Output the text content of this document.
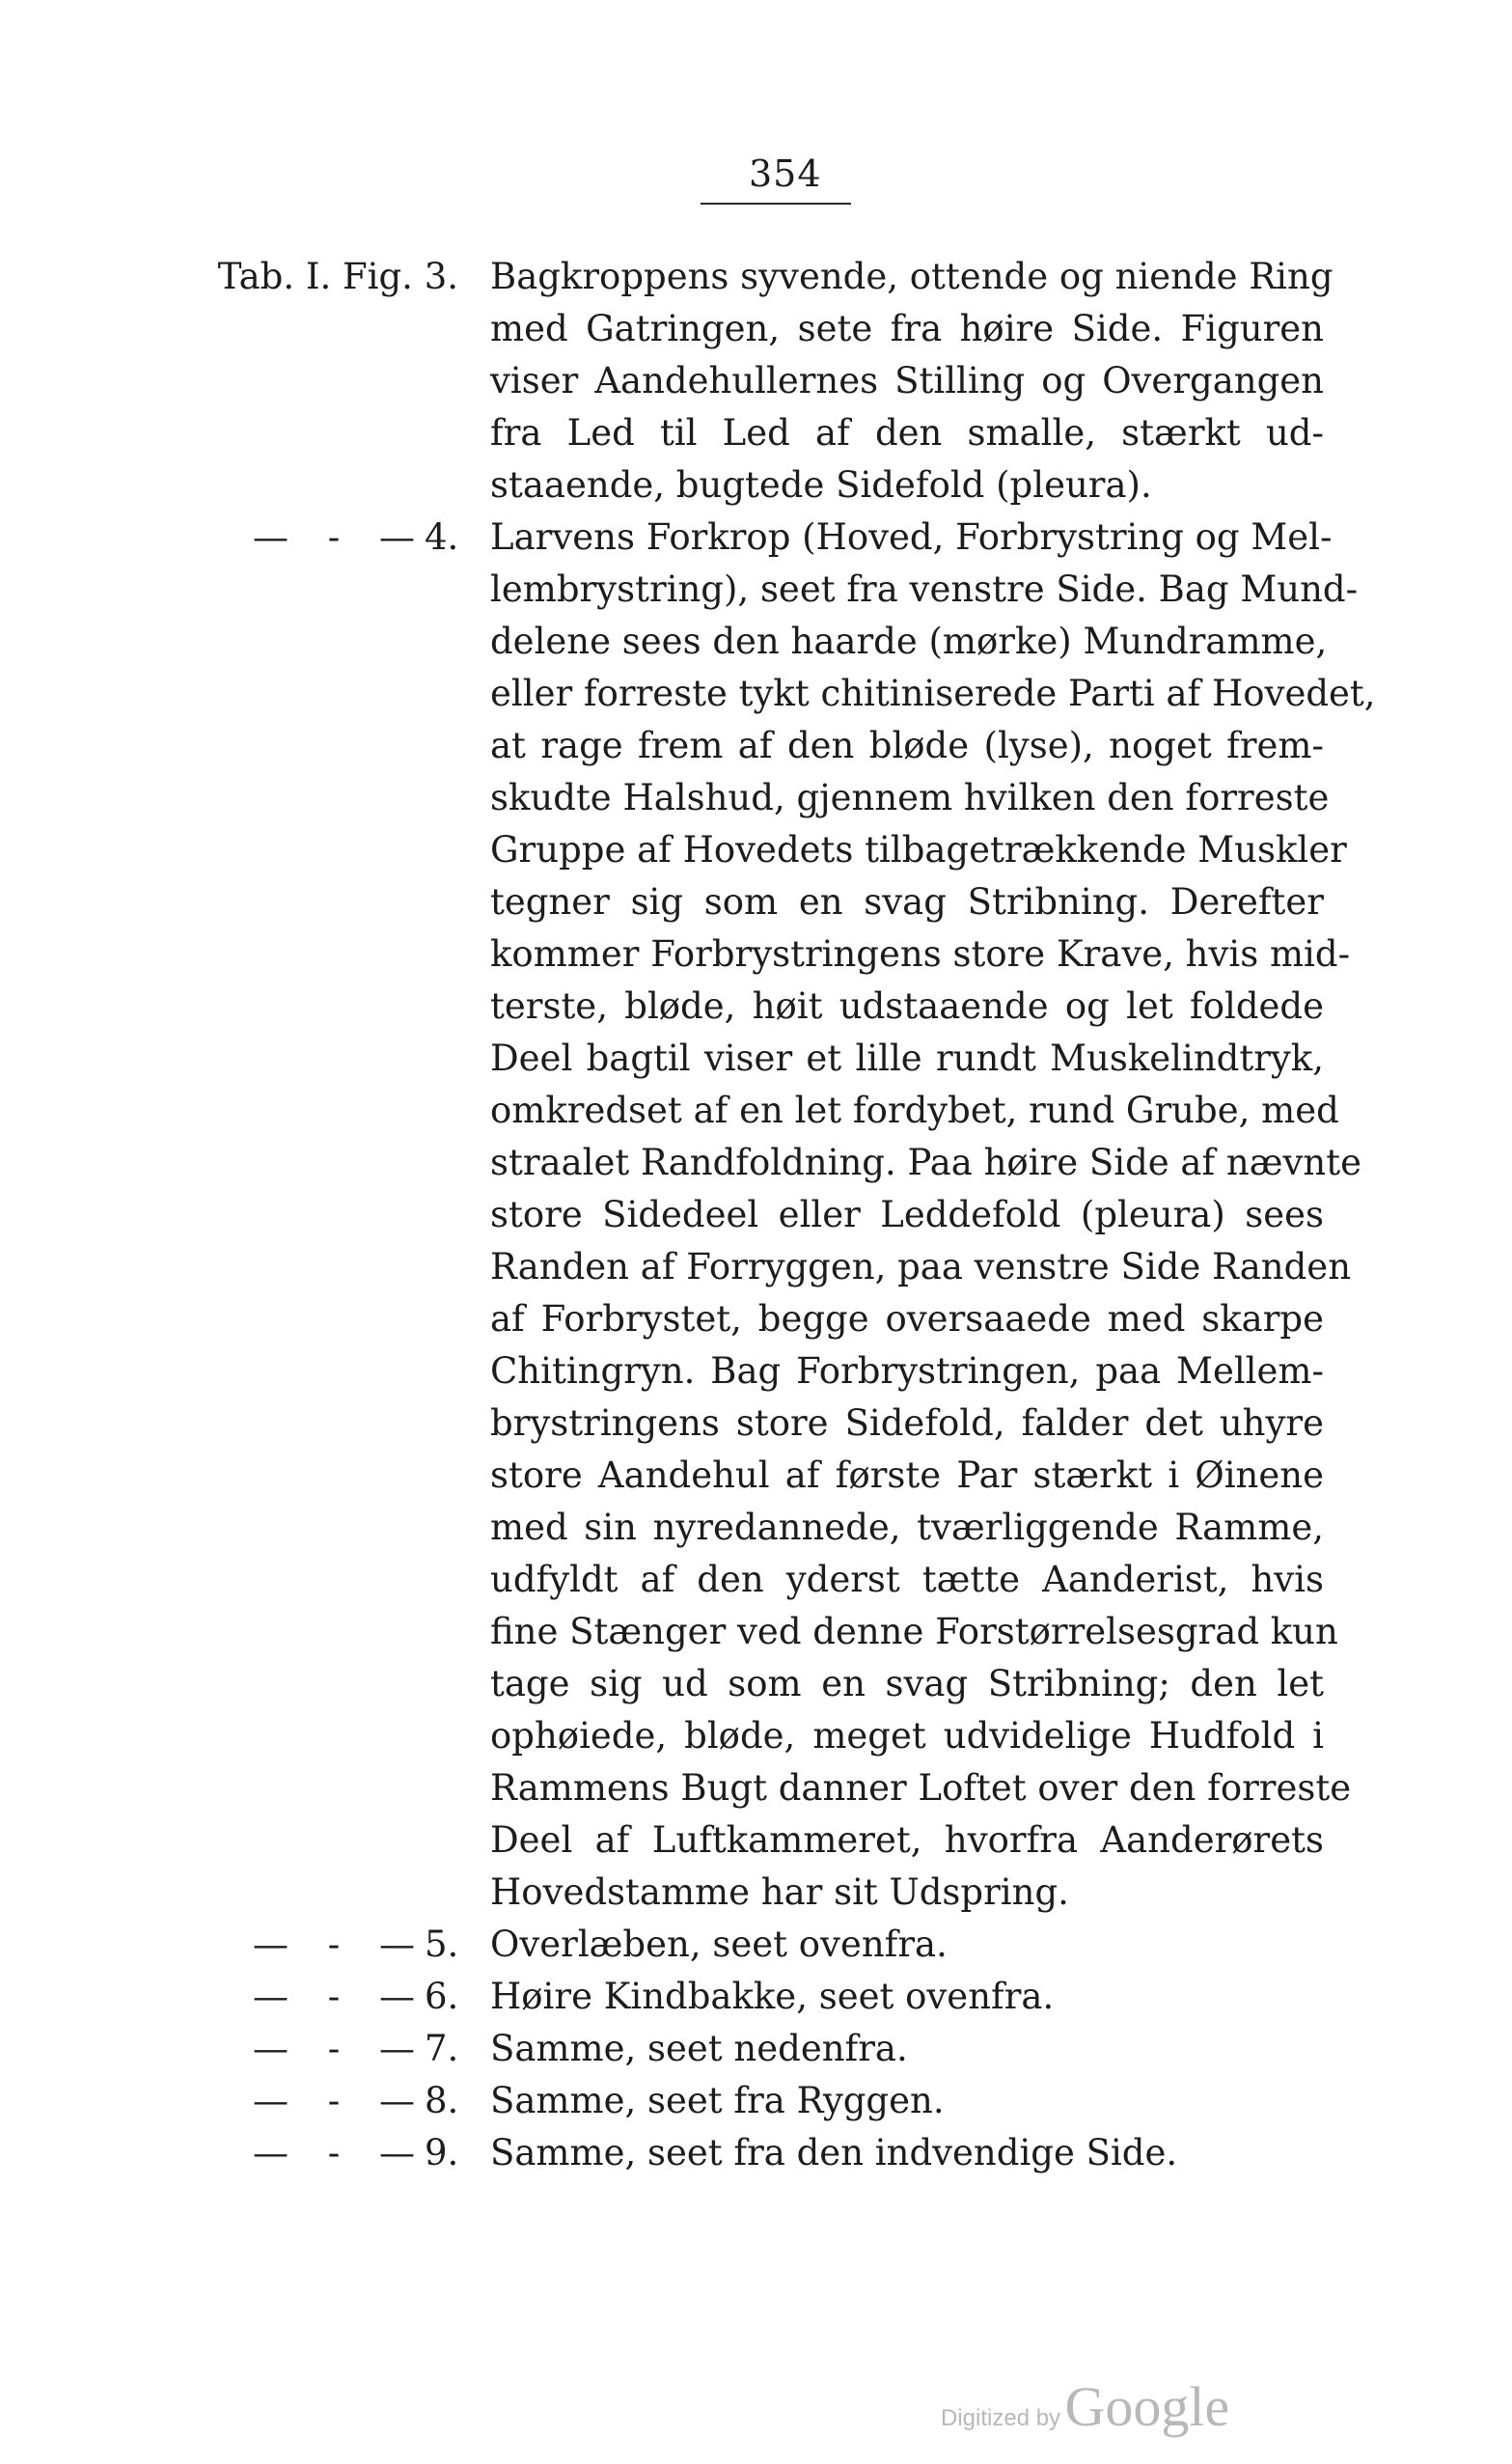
354
Tab. I. Fig. 3. Bagkroppens syvende, ottende og niende Ring
med Gatringen, sete fra høire Side. Figuren
viser Aandehullernes Stilling og Overgangen
fra Led til Led af den smalle, stærkt ud-
staaende, bugtede Sidefold (pleura).
— - — 4. Larvens Forkrop (Hoved, Forbrystring og Mel-
lembrystring), seet fra venstre Side. Bag Mund-
delene sees den haarde (mørke) Mundramme,
eller forreste tykt chitiniserede Parti af Hovedet,
at rage frem af den bløde (lyse), noget frem-
skudte Halshud, gjennem hvilken den forreste
Gruppe af Hovedets tilbagetrækkende Muskler
tegner sig som en svag Stribning. Derefter
kommer Forbrystringens store Krave, hvis mid-
terste, bløde, høit udstaaende og let foldede
Deel bagtil viser et lille rundt Muskelindtryk,
omkredset af en let fordybet, rund Grube, med
straalet Randfoldning. Paa høire Side af nævnte
store Sidedeel eller Leddefold (pleura) sees
Randen af Forryggen, paa venstre Side Randen
af Forbrystet, begge oversaaede med skarpe
Chitingryn. Bag Forbrystringen, paa Mellem-
brystringens store Sidefold, falder det uhyre
store Aandehul af første Par stærkt i Øinene
med sin nyredannede, tværliggende Ramme,
udfyldt af den yderst tætte Aanderist, hvis
fine Stænger ved denne Forstørrelsesgrad kun
tage sig ud som en svag Stribning; den let
ophøiede, bløde, meget udvidelige Hudfold i
Rammens Bugt danner Loftet over den forreste
Deel af Luftkammeret, hvorfra Aanderørets
Hovedstamme har sit Udspring.
— - — 5. Overlæben, seet ovenfra.
— - — 6. Høire Kindbakke, seet ovenfra.
— - — 7. Samme, seet nedenfra.
— - — 8. Samme, seet fra Ryggen.
— - — 9. Samme, seet fra den indvendige Side.
Digitized by Google
